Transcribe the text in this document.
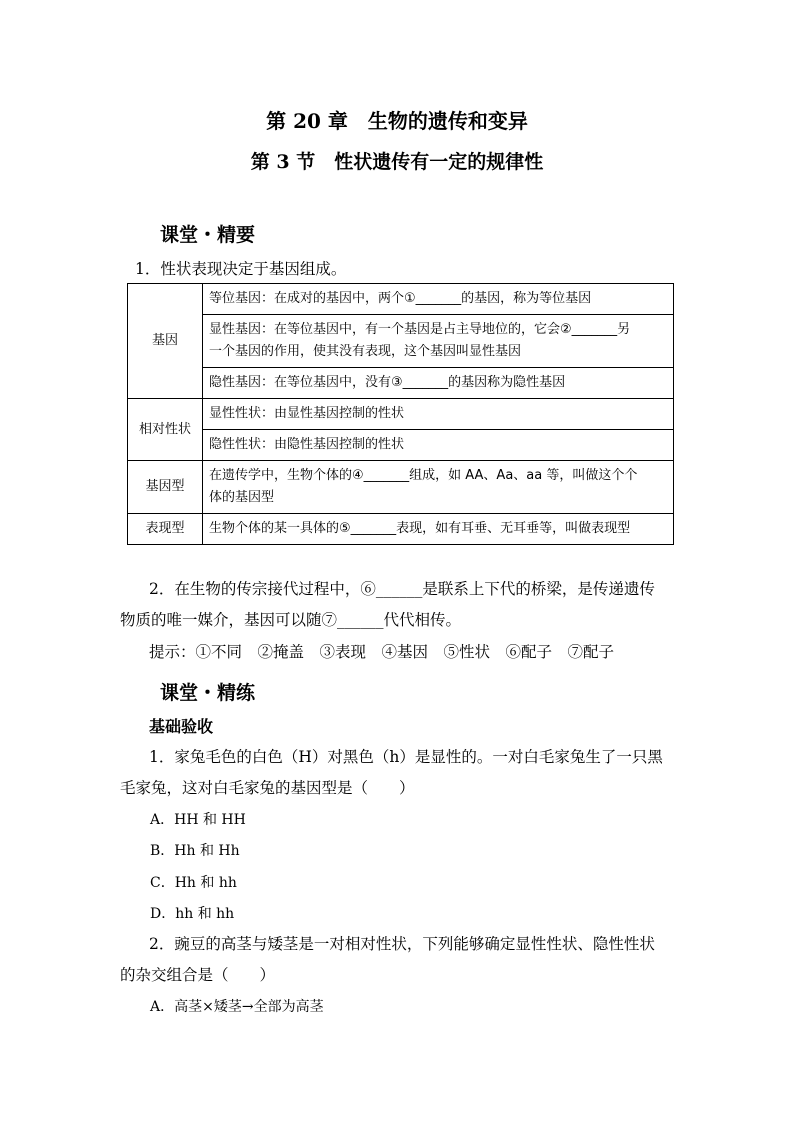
第 20 章　生物的遗传和变异
第 3 节　性状遗传有一定的规律性
课堂・精要
1．性状表现决定于基因组成。
基因	等位基因：在成对的基因中，两个①_______的基因，称为等位基因

	显性基因：在等位基因中，有一个基因是占主导地位的，它会②_______另
一个基因的作用，使其没有表现，这个基因叫显性基因

	隐性基因：在等位基因中，没有③_______的基因称为隐性基因
相对性状	显性性状：由显性基因控制的性状
	隐性性状：由隐性基因控制的性状
基因型	在遗传学中，生物个体的④_______组成，如 AA、Aa、aa 等，叫做这个个
体的基因型

表现型	生物个体的某一具体的⑤_______表现，如有耳垂、无耳垂等，叫做表现型
2．在生物的传宗接代过程中，⑥______是联系上下代的桥梁，是传递遗传
物质的唯一媒介，基因可以随⑦______代代相传。
提示：①不同　②掩盖　③表现　④基因　⑤性状　⑥配子　⑦配子
课堂・精练
基础验收
1．家兔毛色的白色（H）对黑色（h）是显性的。一对白毛家兔生了一只黑
毛家兔，这对白毛家兔的基因型是（　　）
A．HH 和 HH
B．Hh 和 Hh
C．Hh 和 hh
D．hh 和 hh
2．豌豆的高茎与矮茎是一对相对性状，下列能够确定显性性状、隐性性状
的杂交组合是（　　）
A．高茎×矮茎→全部为高茎
